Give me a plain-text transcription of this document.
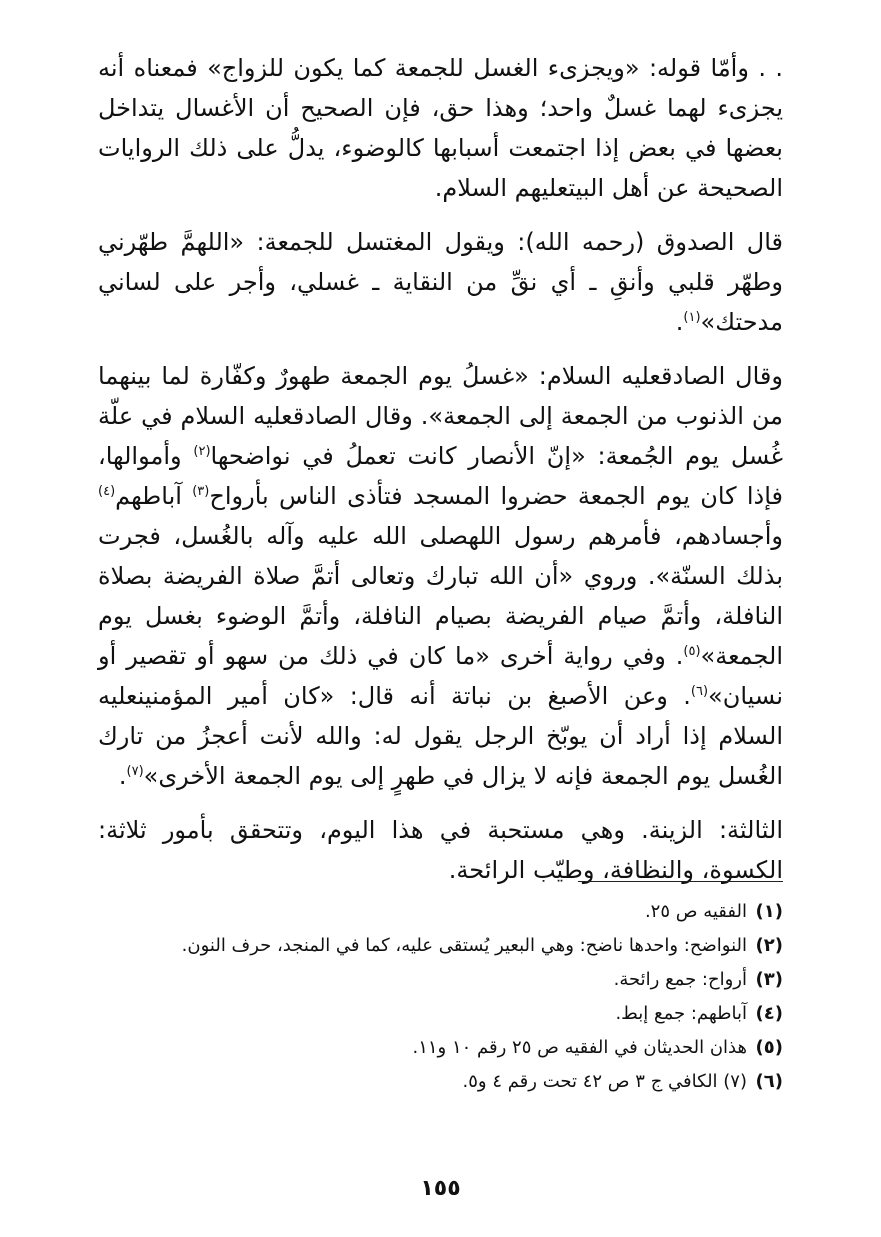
. . وأمّا قوله: «ويجزىء الغسل للجمعة كما يكون للزواج» فمعناه أنه يجزىء لهما غسلٌ واحد؛ وهذا حق، فإن الصحيح أن الأغسال يتداخل بعضها في بعض إذا اجتمعت أسبابها كالوضوء، يدلُّ على ذلك الروايات الصحيحة عن أهل البيتعليهم السلام.

قال الصدوق (رحمه الله): ويقول المغتسل للجمعة: «اللهمَّ طهّرني وطهّر قلبي وأنقِ ـ أي نقِّ من النقاية ـ غسلي، وأجر على لساني مدحتك»$^{(١)}$.

وقال الصادقعليه السلام: «غسلُ يوم الجمعة طهورٌ وكفّارة لما بينهما من الذنوب من الجمعة إلى الجمعة». وقال الصادقعليه السلام في علّة غُسل يوم الجُمعة: «إنّ الأنصار كانت تعملُ في نواضحها$^{(٢)}$ وأموالها، فإذا كان يوم الجمعة حضروا المسجد فتأذى الناس بأرواح$^{(٣)}$ آباطهم$^{(٤)}$ وأجسادهم، فأمرهم رسول اللهصلى الله عليه وآله بالغُسل، فجرت بذلك السنّة». وروي «أن الله تبارك وتعالى أتمَّ صلاة الفريضة بصلاة النافلة، وأتمَّ صيام الفريضة بصيام النافلة، وأتمَّ الوضوء بغسل يوم الجمعة»$^{(٥)}$. وفي رواية أخرى «ما كان في ذلك من سهو أو تقصير أو نسيان»$^{(٦)}$. وعن الأصبغ بن نباتة أنه قال: «كان أمير المؤمنينعليه السلام إذا أراد أن يوبّخ الرجل يقول له: والله لأنت أعجزُ من تارك الغُسل يوم الجمعة فإنه لا يزال في طهرٍ إلى يوم الجمعة الأخرى»$^{(٧)}$.

الثالثة: الزينة. وهي مستحبة في هذا اليوم، وتتحقق بأمور ثلاثة: الكسوة، والنظافة، وطيّب الرائحة.

(١)
الفقيه ص ٢٥.
(٢)
النواضح: واحدها ناضح: وهي البعير يُستقى عليه، كما في المنجد، حرف النون.
(٣)
أرواح: جمع رائحة.
(٤)
آباطهم: جمع إبط.
(٥)
هذان الحديثان في الفقيه ص ٢٥ رقم ١٠ و١١.
(٦)
(٧) الكافي ج ٣ ص ٤٢ تحت رقم ٤ و٥.
١٥٥
